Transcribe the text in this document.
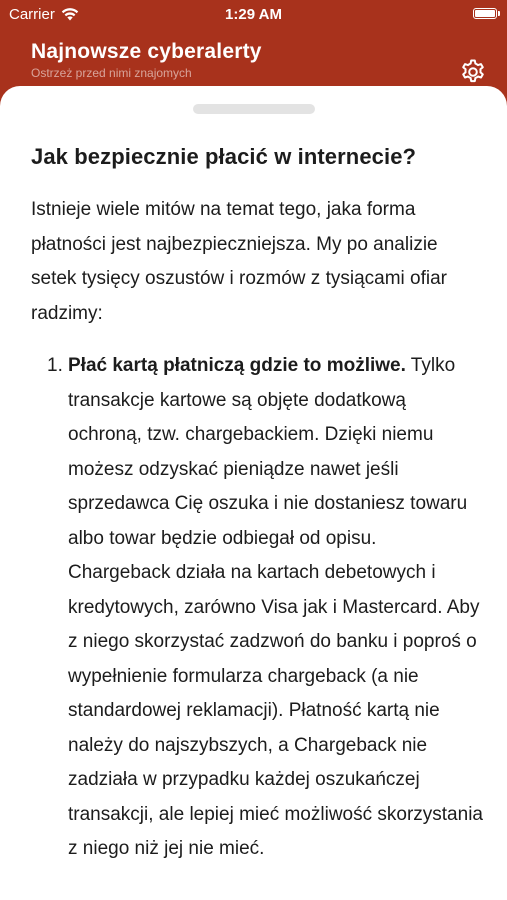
Carrier	1:29 AM
Najnowsze cyberalerty
Ostrzeż przed nimi znajomych
Jak bezpiecznie płacić w internecie?

Istnieje wiele mitów na temat tego, jaka forma płatności jest najbezpieczniejsza. My po analizie setek tysięcy oszustów i rozmów z tysiącami ofiar radzimy:

1. Płać kartą płatniczą gdzie to możliwe. Tylko transakcje kartowe są objęte dodatkową ochroną, tzw. chargebackiem. Dzięki niemu możesz odzyskać pieniądze nawet jeśli sprzedawca Cię oszuka i nie dostaniesz towaru albo towar będzie odbiegał od opisu. Chargeback działa na kartach debetowych i kredytowych, zarówno Visa jak i Mastercard. Aby z niego skorzystać zadzwoń do banku i poproś o wypełnienie formularza chargeback (a nie standardowej reklamacji). Płatność kartą nie należy do najszybszych, a Chargeback nie zadziała w przypadku każdej oszukańczej transakcji, ale lepiej mieć możliwość skorzystania z niego niż jej nie mieć.
